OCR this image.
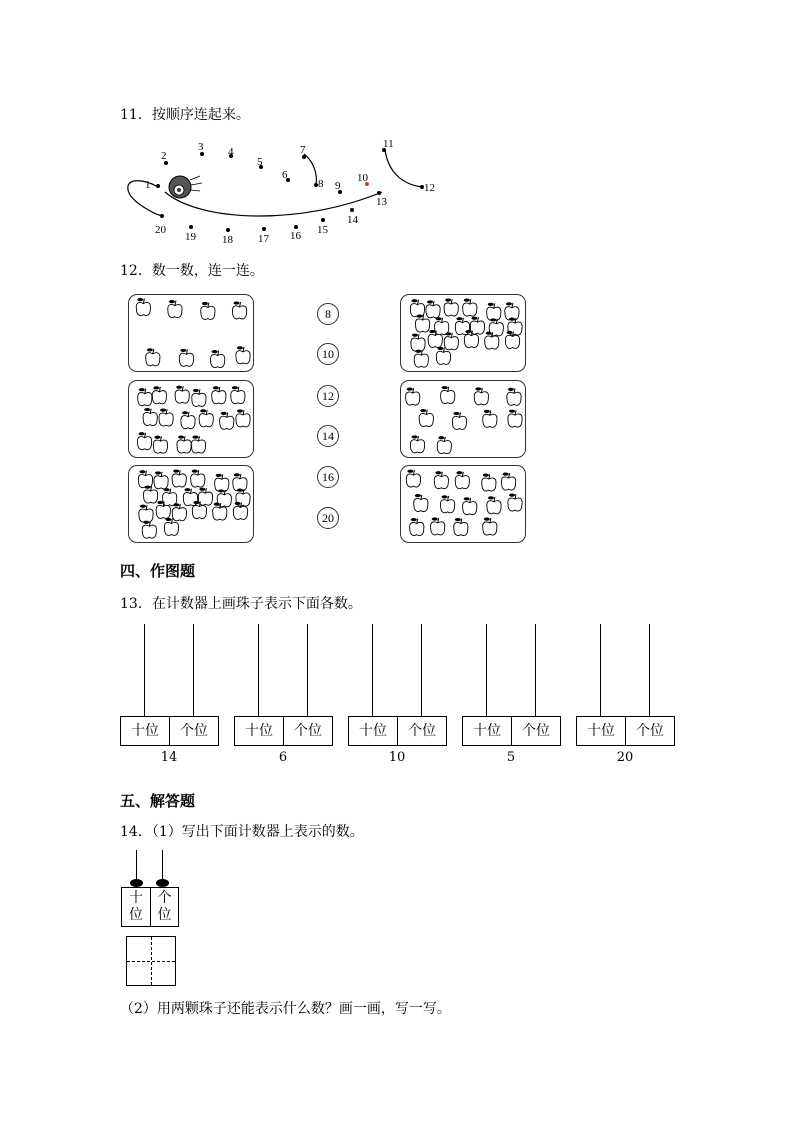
11．按顺序连起来。
1
2
3 4
5
6
7
8 9
10
11
12
13
14
15
16
17
18
19
20
12．数一数，连一连。
8
10
12
14
16
20
四、作图题
13．在计数器上画珠子表示下面各数。
十位	个位
14
十位	个位
6
十位	个位
10
十位	个位
5
十位	个位
20
五、解答题
14．（1）写出下面计数器上表示的数。
十
位
个
位
（2）用两颗珠子还能表示什么数？画一画，写一写。
